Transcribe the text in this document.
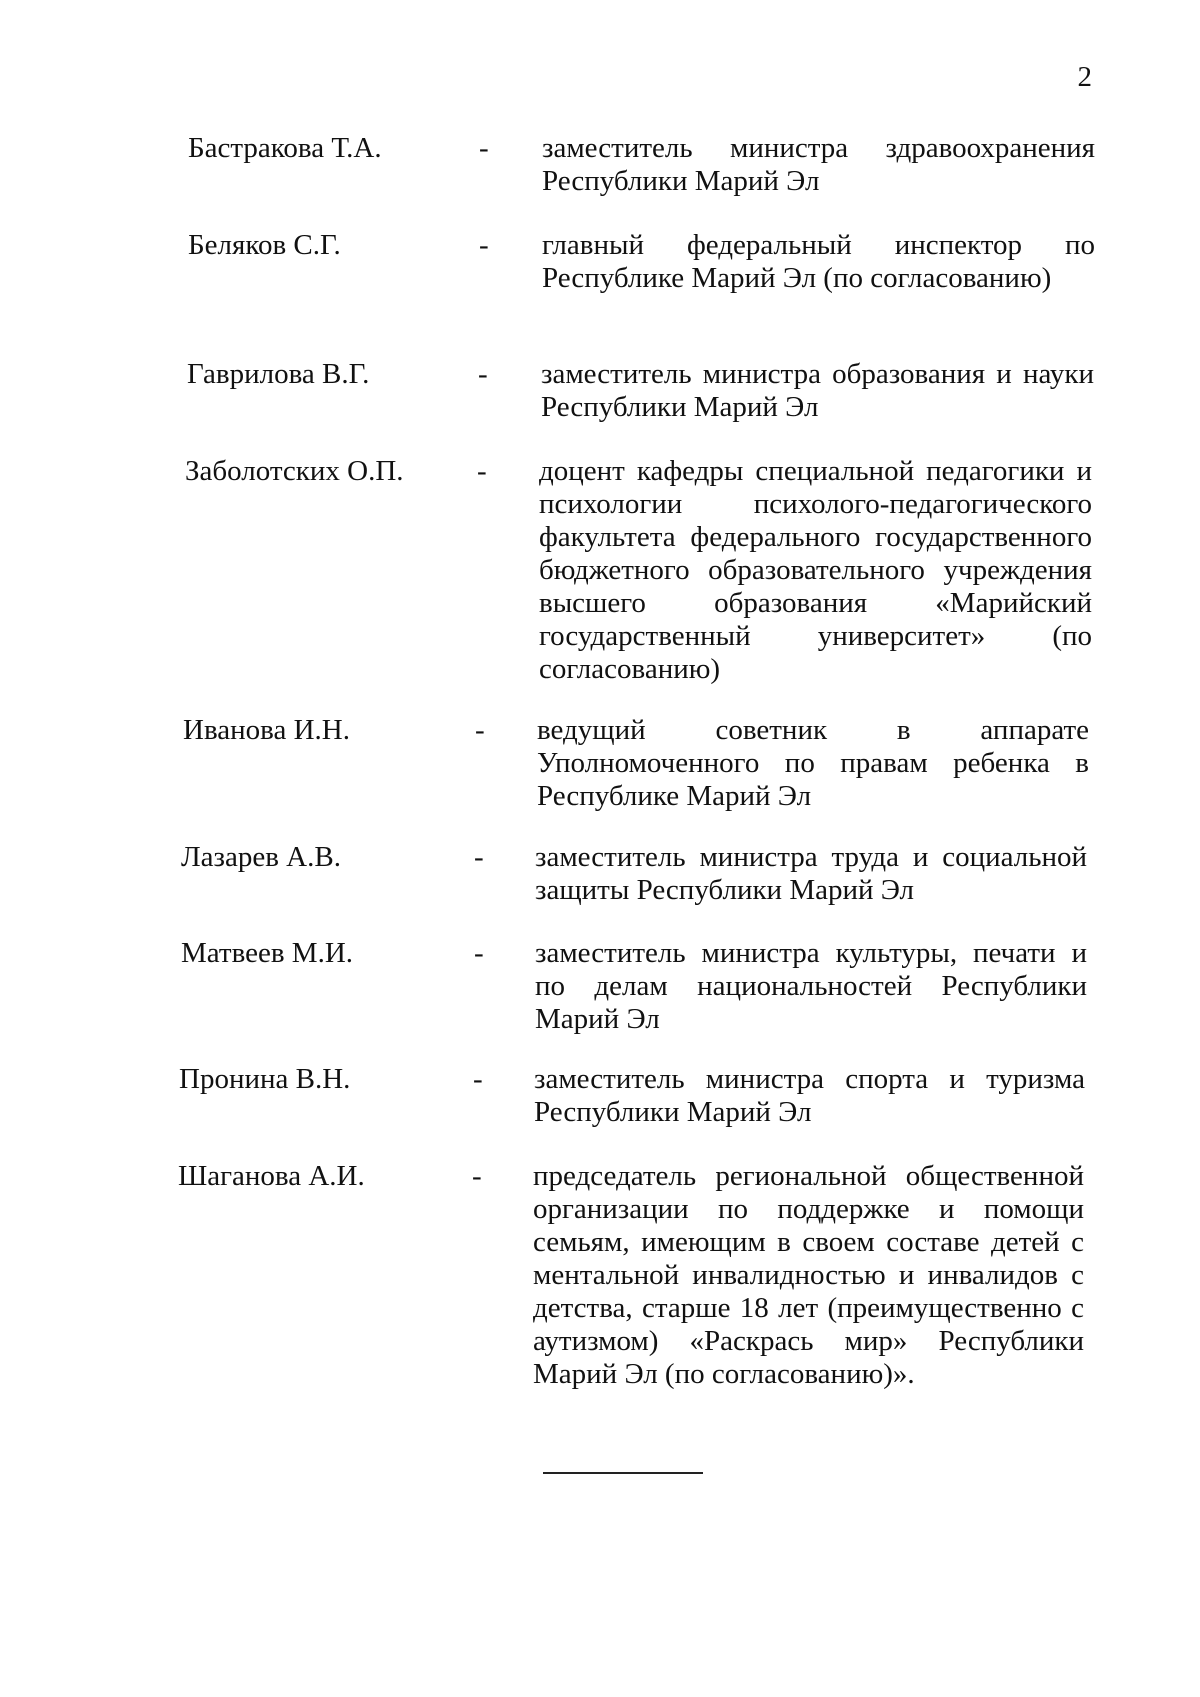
2
Бастракова Т.А.	- заместитель министра здравоохранения Республики Марий Эл
Беляков С.Г.	- главный федеральный инспектор по Республике Марий Эл (по согласованию)
Гаврилова В.Г.	- заместитель министра образования и науки Республики Марий Эл
Заболотских О.П.	- доцент кафедры специальной педагогики и психологии психолого-педагогического факультета федерального государственного бюджетного образовательного учреждения высшего образования «Марийский государственный университет» (по согласованию)
Иванова И.Н.	- ведущий советник в аппарате Уполномоченного по правам ребенка в Республике Марий Эл
Лазарев А.В.	- заместитель министра труда и социальной защиты Республики Марий Эл
Матвеев М.И.	- заместитель министра культуры, печати и по делам национальностей Республики Марий Эл
Пронина В.Н.	- заместитель министра спорта и туризма Республики Марий Эл
Шаганова А.И.	- председатель региональной общественной организации по поддержке и помощи семьям, имеющим в своем составе детей с ментальной инвалидностью и инвалидов с детства, старше 18 лет (преимущественно с аутизмом) «Раскрась мир» Республики Марий Эл (по согласованию)».
